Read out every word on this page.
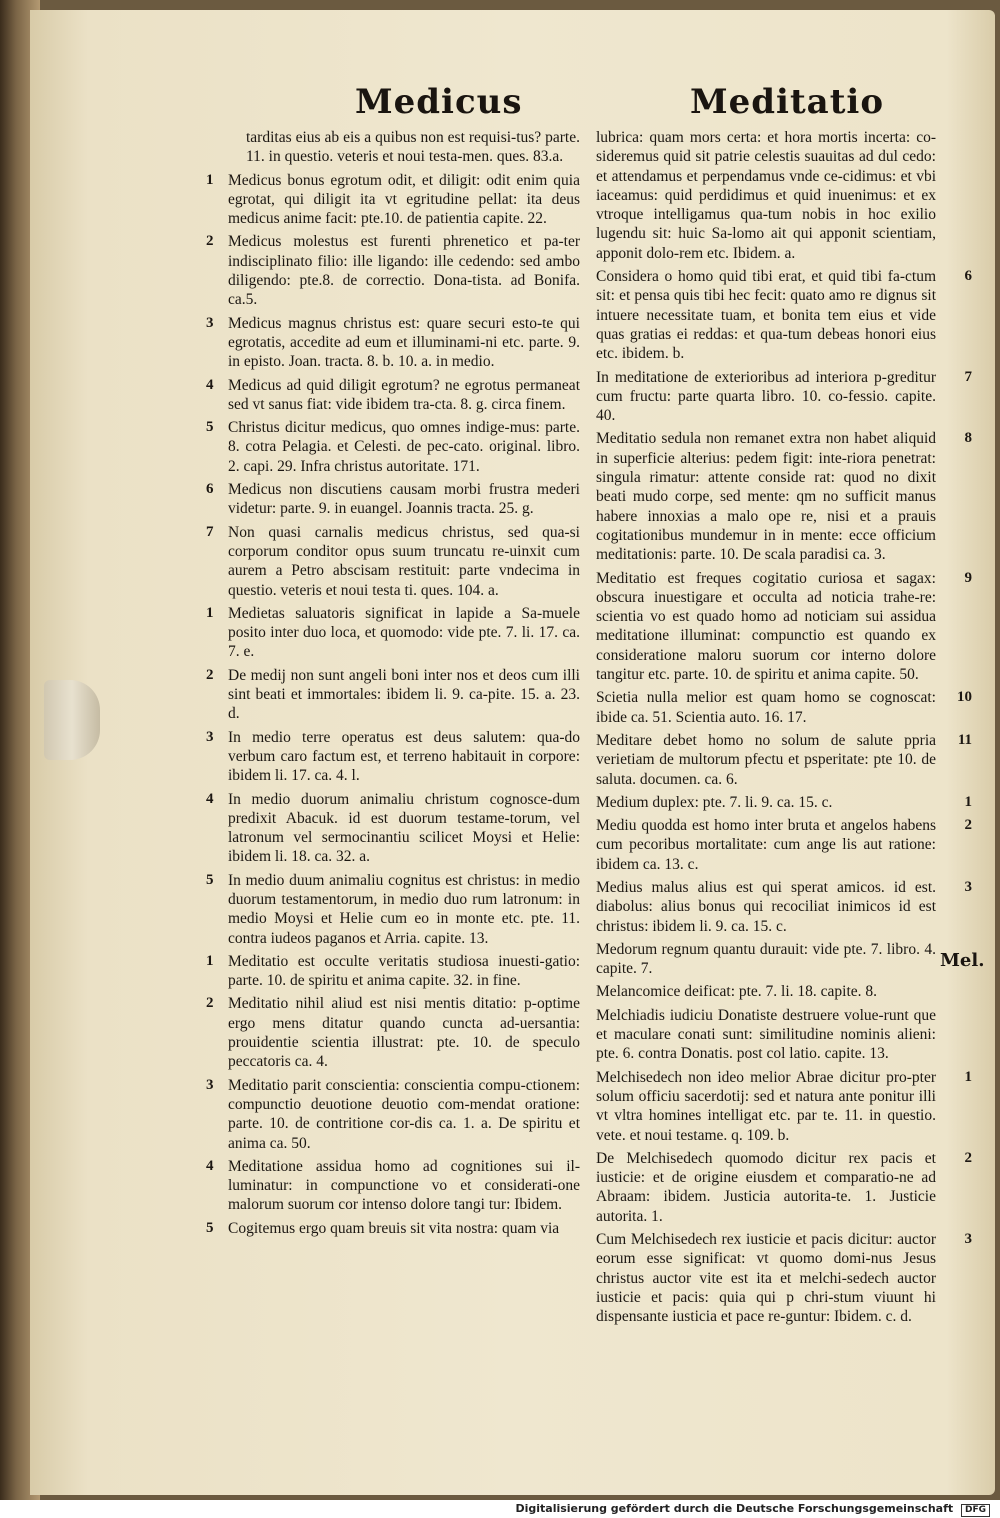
Medicus	Meditatio
tarditas eius ab eis a quibus non est requisi-tus? parte. 11. in questio. veteris et noui testa-men. ques. 83.a.
1 Medicus bonus egrotum odit, et diligit: odit enim quia egrotat, qui diligit ita vt egritudine pellat: ita deus medicus anime facit: pte.10. de patientia capite. 22.
2 Medicus molestus est furenti phrenetico et pa-ter indisciplinato filio: ille ligando: ille cedendo: sed ambo diligendo: pte.8. de correctio. Dona-tista. ad Bonifa. ca.5.
3 Medicus magnus christus est: quare securi esto-te qui egrotatis, accedite ad eum et illuminami-ni etc. parte. 9. in episto. Joan. tracta. 8. b. 10. a. in medio.
4 Medicus ad quid diligit egrotum? ne egrotus permaneat sed vt sanus fiat: vide ibidem tra-cta. 8. g. circa finem.
5 Christus dicitur medicus, quo omnes indige-mus: parte. 8. cotra Pelagia. et Celesti. de pec-cato. original. libro. 2. capi. 29. Infra christus autoritate. 171.
6 Medicus non discutiens causam morbi frustra mederi videtur: parte. 9. in euangel. Joannis tracta. 25. g.
7 Non quasi carnalis medicus christus, sed qua-si corporum conditor opus suum truncatu re-uinxit cum aurem a Petro abscisam restituit: parte vndecima in questio. veteris et noui testa ti. ques. 104. a.
1 Medietas saluatoris significat in lapide a Sa-muele posito inter duo loca, et quomodo: vide pte. 7. li. 17. ca. 7. e.
2 De medij non sunt angeli boni inter nos et deos cum illi sint beati et immortales: ibidem li. 9. ca-pite. 15. a. 23. d.
3 In medio terre operatus est deus salutem: qua-do verbum caro factum est, et terreno habitauit in corpore: ibidem li. 17. ca. 4. l.
4 In medio duorum animaliu christum cognosce-dum predixit Abacuk. id est duorum testame-torum, vel latronum vel sermocinantiu scilicet Moysi et Helie: ibidem li. 18. ca. 32. a.
5 In medio duum animaliu cognitus est christus: in medio duorum testamentorum, in medio duo rum latronum: in medio Moysi et Helie cum eo in monte etc. pte. 11. contra iudeos paganos et Arria. capite. 13.
1 Meditatio est occulte veritatis studiosa inuesti-gatio: parte. 10. de spiritu et anima capite. 32. in fine.
2 Meditatio nihil aliud est nisi mentis ditatio: p-optime ergo mens ditatur quando cuncta ad-uersantia: prouidentie scientia illustrat: pte. 10. de speculo peccatoris ca. 4.
3 Meditatio parit conscientia: conscientia compu-ctionem: compunctio deuotione deuotio com-mendat oratione: parte. 10. de contritione cor-dis ca. 1. a. De spiritu et anima ca. 50.
4 Meditatione assidua homo ad cognitiones sui il-luminatur: in compunctione vo et considerati-one malorum suorum cor intenso dolore tangi tur: Ibidem.
5 Cogitemus ergo quam breuis sit vita nostra: quam via
lubrica: quam mors certa: et hora mortis incerta: co-sideremus quid sit patrie celestis suauitas ad dul cedo: et attendamus et perpendamus vnde ce-cidimus: et vbi iaceamus: quid perdidimus et quid inuenimus: et ex vtroque intelligamus qua-tum nobis in hoc exilio lugendu sit: huic Sa-lomo ait qui apponit scientiam, apponit dolo-rem etc. Ibidem. a.
6
Considera o homo quid tibi erat, et quid tibi fa-ctum sit: et pensa quis tibi hec fecit: quato amo re dignus sit intuere necessitate tuam, et bonita tem eius et vide quas gratias ei reddas: et qua-tum debeas honori eius etc. ibidem. b.
7
In meditatione de exterioribus ad interiora p-greditur cum fructu: parte quarta libro. 10. co-fessio. capite. 40.
8
Meditatio sedula non remanet extra non habet aliquid in superficie alterius: pedem figit: inte-riora penetrat: singula rimatur: attente conside rat: quod no dixit beati mudo corpe, sed mente: qm no sufficit manus habere innoxias a malo ope re, nisi et a prauis cogitationibus mundemur in in mente: ecce officium meditationis: parte. 10. De scala paradisi ca. 3.
9
Meditatio est freques cogitatio curiosa et sagax: obscura inuestigare et occulta ad noticia trahe-re: scientia vo est quado homo ad noticiam sui assidua meditatione illuminat: compunctio est quando ex consideratione maloru suorum cor interno dolore tangitur etc. parte. 10. de spiritu et anima capite. 50.
10
Scietia nulla melior est quam homo se cognoscat: ibide ca. 51. Scientia auto. 16. 17.
11
Meditare debet homo no solum de salute ppria verietiam de multorum pfectu et psperitate: pte 10. de saluta. documen. ca. 6.
1
Medium duplex: pte. 7. li. 9. ca. 15. c.
2
Mediu quodda est homo inter bruta et angelos habens cum pecoribus mortalitate: cum ange lis aut ratione: ibidem ca. 13. c.
3
Medius malus alius est qui sperat amicos. id est. diabolus: alius bonus qui recociliat inimicos id est christus: ibidem li. 9. ca. 15. c.
Medorum regnum quantu durauit: vide pte. 7. libro. 4. capite. 7.
Melancomice deificat: pte. 7. li. 18. capite. 8.
Melchiadis iudiciu Donatiste destruere volue-runt que et maculare conati sunt: similitudine nominis alieni: pte. 6. contra Donatis. post col latio. capite. 13.
1
Melchisedech non ideo melior Abrae dicitur pro-pter solum officiu sacerdotij: sed et natura ante ponitur illi vt vltra homines intelligat etc. par te. 11. in questio. vete. et noui testame. q. 109. b.
2
De Melchisedech quomodo dicitur rex pacis et iusticie: et de origine eiusdem et comparatio-ne ad Abraam: ibidem. Justicia autorita-te. 1. Justicie autorita. 1.
3
Cum Melchisedech rex iusticie et pacis dicitur: auctor eorum esse significat: vt quomo domi-nus Jesus christus auctor vite est ita et melchi-sedech auctor iusticie et pacis: quia qui p chri-stum viuunt hi dispensante iusticia et pace re-guntur: Ibidem. c. d.
Mel.
Digitalisierung gefördert durch die Deutsche Forschungsgemeinschaft DFG
